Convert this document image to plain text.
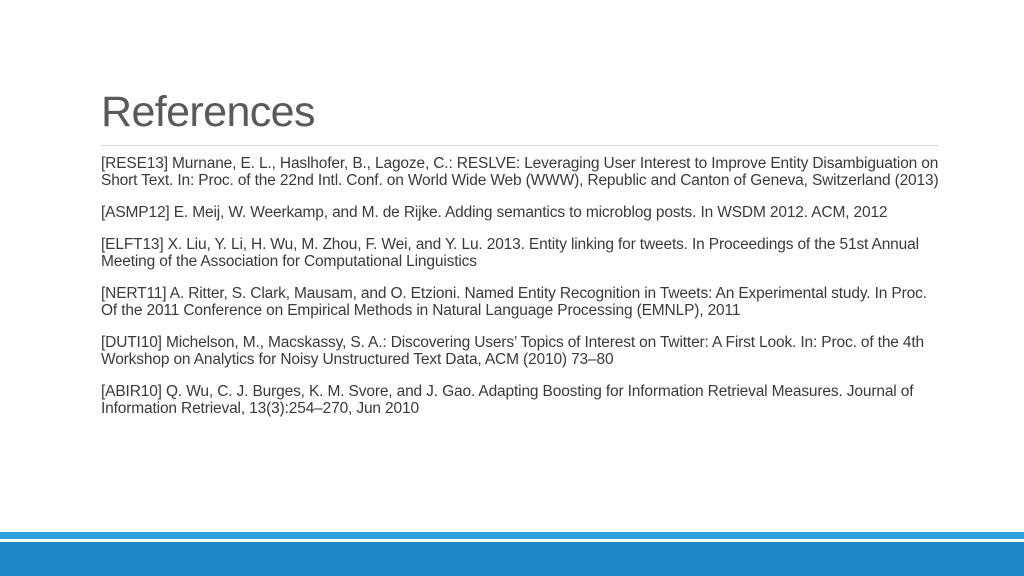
References
[RESE13] Murnane, E. L., Haslhofer, B., Lagoze, C.: RESLVE: Leveraging User Interest to Improve Entity Disambiguation on Short Text. In: Proc. of the 22nd Intl. Conf. on World Wide Web (WWW), Republic and Canton of Geneva, Switzerland (2013)
[ASMP12] E. Meij, W. Weerkamp, and M. de Rijke. Adding semantics to microblog posts. In WSDM 2012. ACM, 2012
[ELFT13] X. Liu, Y. Li, H. Wu, M. Zhou, F. Wei, and Y. Lu. 2013. Entity linking for tweets. In Proceedings of the 51st Annual Meeting of the Association for Computational Linguistics
[NERT11] A. Ritter, S. Clark, Mausam, and O. Etzioni. Named Entity Recognition in Tweets: An Experimental study. In Proc. Of the 2011 Conference on Empirical Methods in Natural Language Processing (EMNLP), 2011
[DUTI10] Michelson, M., Macskassy, S. A.: Discovering Users’ Topics of Interest on Twitter: A First Look. In: Proc. of the 4th Workshop on Analytics for Noisy Unstructured Text Data, ACM (2010) 73–80
[ABIR10] Q. Wu, C. J. Burges, K. M. Svore, and J. Gao. Adapting Boosting for Information Retrieval Measures. Journal of Information Retrieval, 13(3):254–270, Jun 2010
